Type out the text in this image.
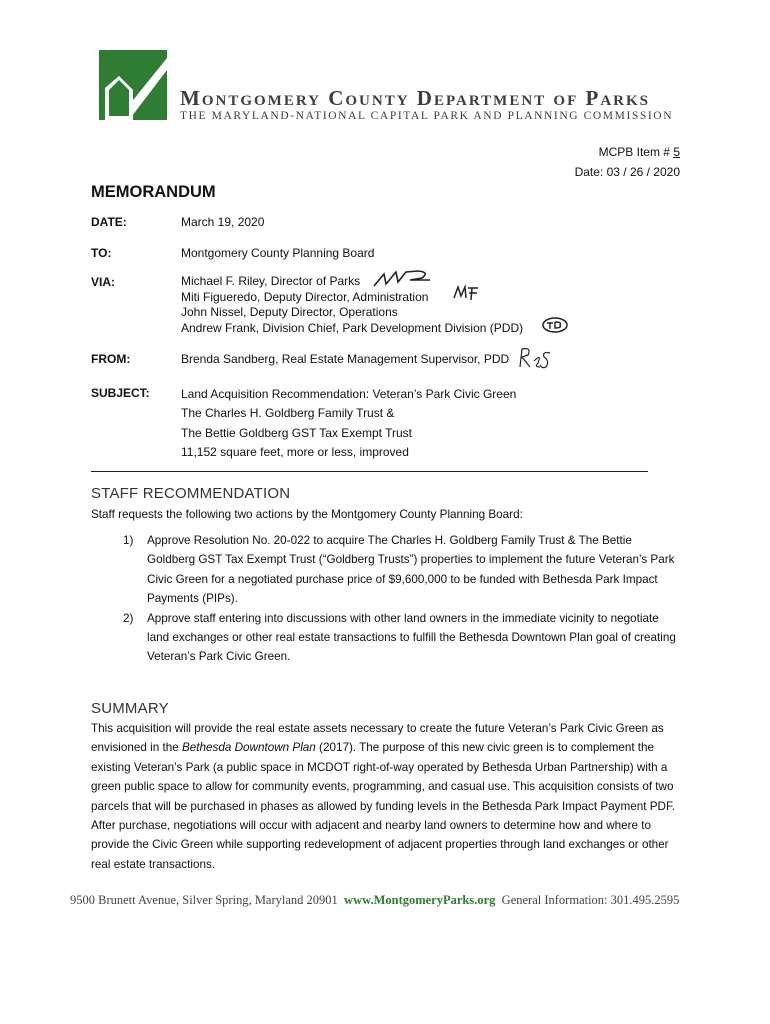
Montgomery County Department of Parks
THE MARYLAND-NATIONAL CAPITAL PARK AND PLANNING COMMISSION
MCPB Item # 5
Date: 03 / 26 / 2020
MEMORANDUM
DATE:	March 19, 2020
TO:	Montgomery County Planning Board
VIA:	Michael F. Riley, Director of Parks
Miti Figueredo, Deputy Director, Administration
John Nissel, Deputy Director, Operations
Andrew Frank, Division Chief, Park Development Division (PDD)
FROM:	Brenda Sandberg, Real Estate Management Supervisor, PDD
SUBJECT:	Land Acquisition Recommendation: Veteran’s Park Civic Green
The Charles H. Goldberg Family Trust &
The Bettie Goldberg GST Tax Exempt Trust
11,152 square feet, more or less, improved
STAFF RECOMMENDATION
Staff requests the following two actions by the Montgomery County Planning Board:
1) Approve Resolution No. 20-022 to acquire The Charles H. Goldberg Family Trust & The Bettie Goldberg GST Tax Exempt Trust (“Goldberg Trusts”) properties to implement the future Veteran’s Park Civic Green for a negotiated purchase price of $9,600,000 to be funded with Bethesda Park Impact Payments (PIPs).
2) Approve staff entering into discussions with other land owners in the immediate vicinity to negotiate land exchanges or other real estate transactions to fulfill the Bethesda Downtown Plan goal of creating Veteran’s Park Civic Green.
SUMMARY
This acquisition will provide the real estate assets necessary to create the future Veteran’s Park Civic Green as envisioned in the Bethesda Downtown Plan (2017). The purpose of this new civic green is to complement the existing Veteran’s Park (a public space in MCDOT right-of-way operated by Bethesda Urban Partnership) with a green public space to allow for community events, programming, and casual use. This acquisition consists of two parcels that will be purchased in phases as allowed by funding levels in the Bethesda Park Impact Payment PDF. After purchase, negotiations will occur with adjacent and nearby land owners to determine how and where to provide the Civic Green while supporting redevelopment of adjacent properties through land exchanges or other real estate transactions.
9500 Brunett Avenue, Silver Spring, Maryland 20901 www.MontgomeryParks.org General Information: 301.495.2595
